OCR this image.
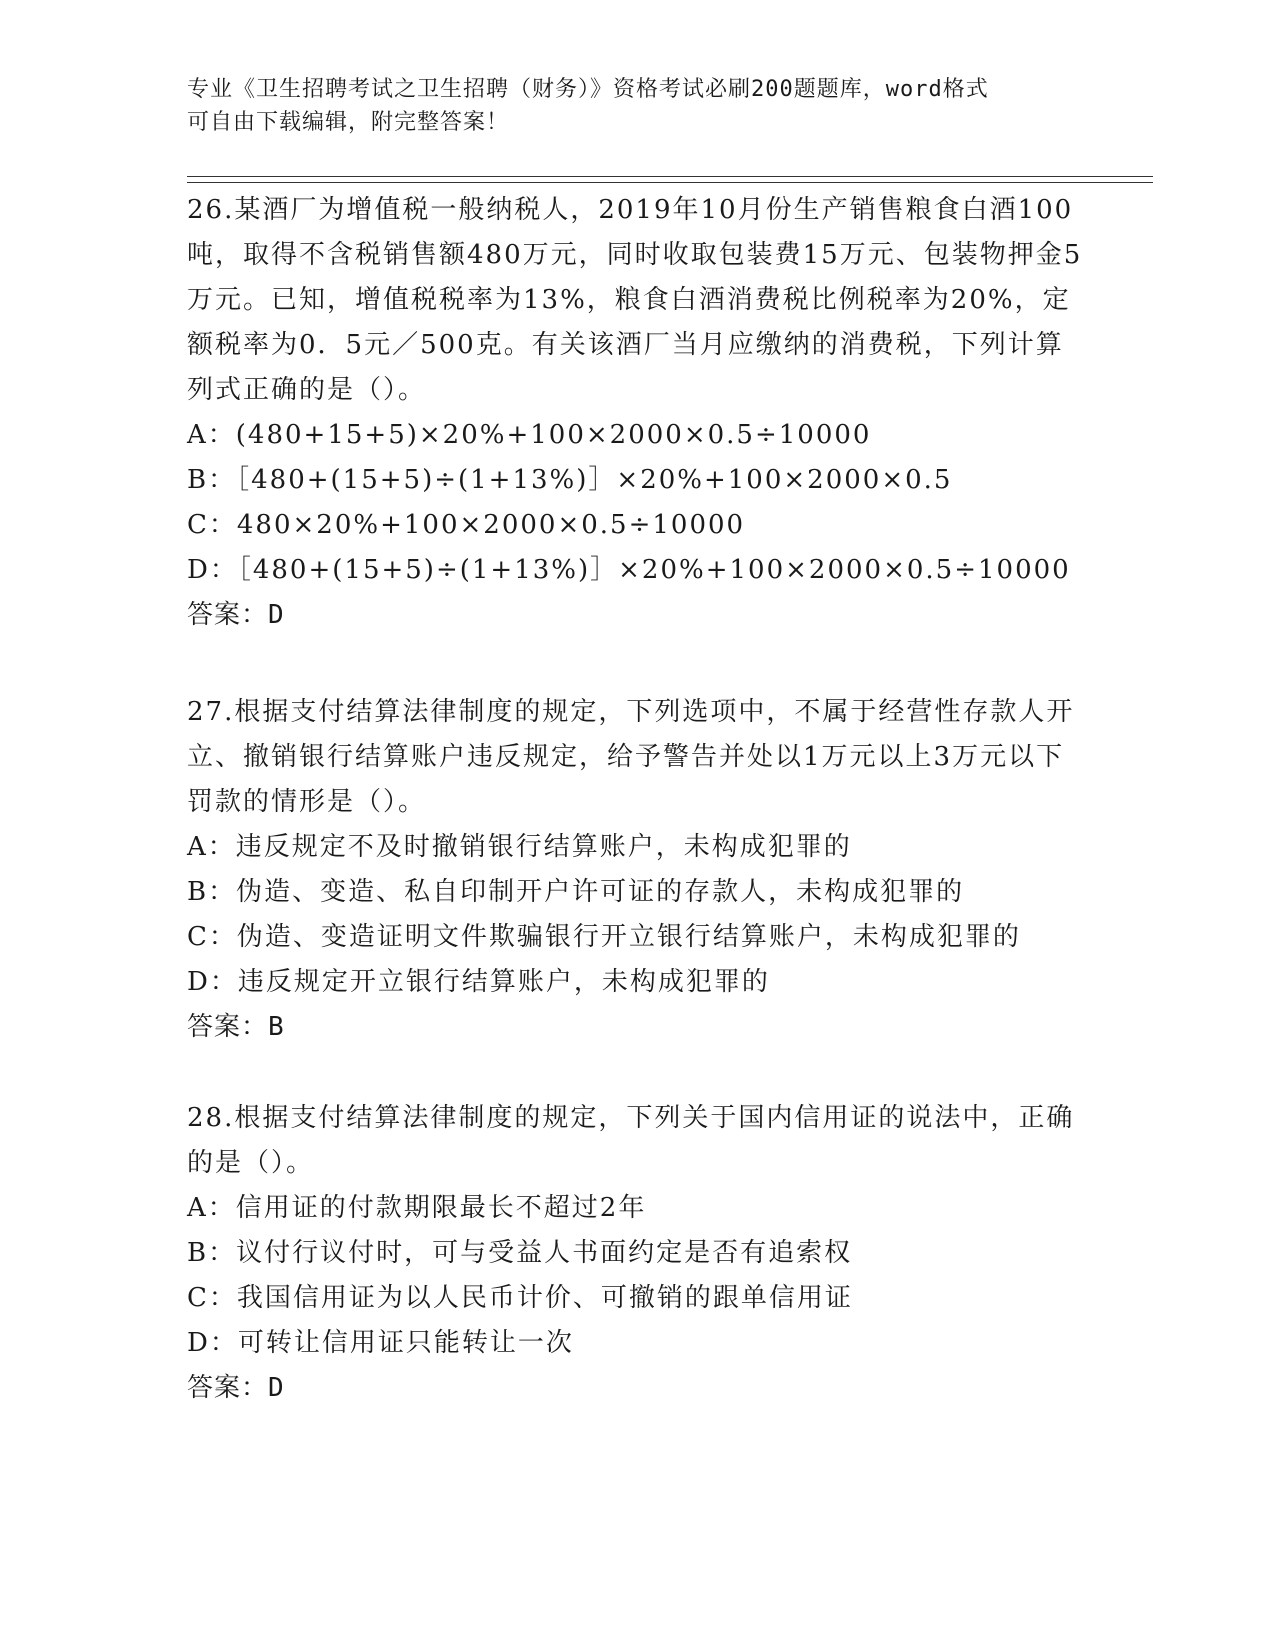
专业《卫生招聘考试之卫生招聘（财务）》资格考试必刷200题题库，word格式
可自由下载编辑，附完整答案！
26.某酒厂为增值税一般纳税人，2019年10月份生产销售粮食白酒100吨，取得不含税销售额480万元，同时收取包装费15万元、包装物押金5万元。已知，增值税税率为13%，粮食白酒消费税比例税率为20%，定额税率为0．5元／500克。有关该酒厂当月应缴纳的消费税，下列计算列式正确的是（）。
A：(480+15+5)×20%+100×2000×0.5÷10000
B：［480+(15+5)÷(1+13%)］×20%+100×2000×0.5
C：480×20%+100×2000×0.5÷10000
D：［480+(15+5)÷(1+13%)］×20%+100×2000×0.5÷10000
答案：D
27.根据支付结算法律制度的规定，下列选项中，不属于经营性存款人开立、撤销银行结算账户违反规定，给予警告并处以1万元以上3万元以下罚款的情形是（）。
A：违反规定不及时撤销银行结算账户，未构成犯罪的
B：伪造、变造、私自印制开户许可证的存款人，未构成犯罪的
C：伪造、变造证明文件欺骗银行开立银行结算账户，未构成犯罪的
D：违反规定开立银行结算账户，未构成犯罪的
答案：B
28.根据支付结算法律制度的规定，下列关于国内信用证的说法中，正确的是（）。
A：信用证的付款期限最长不超过2年
B：议付行议付时，可与受益人书面约定是否有追索权
C：我国信用证为以人民币计价、可撤销的跟单信用证
D：可转让信用证只能转让一次
答案：D
